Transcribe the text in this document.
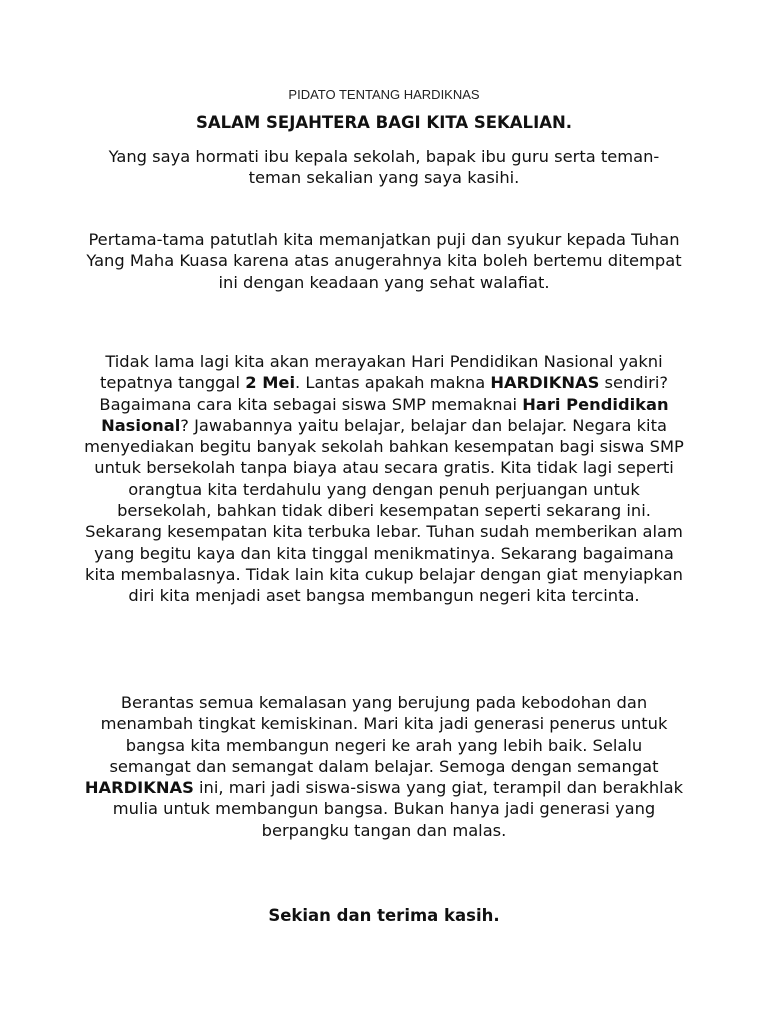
PIDATO TENTANG HARDIKNAS
SALAM SEJAHTERA BAGI KITA SEKALIAN.
Yang saya hormati ibu kepala sekolah, bapak ibu guru serta teman-teman sekalian yang saya kasihi.
Pertama-tama patutlah kita memanjatkan puji dan syukur kepada Tuhan Yang Maha Kuasa karena atas anugerahnya kita boleh bertemu ditempat ini dengan keadaan yang sehat walafiat.
Tidak lama lagi kita akan merayakan Hari Pendidikan Nasional yakni tepatnya tanggal 2 Mei. Lantas apakah makna HARDIKNAS sendiri? Bagaimana cara kita sebagai siswa SMP memaknai Hari Pendidikan Nasional? Jawabannya yaitu belajar, belajar dan belajar. Negara kita menyediakan begitu banyak sekolah bahkan kesempatan bagi siswa SMP untuk bersekolah tanpa biaya atau secara gratis. Kita tidak lagi seperti orangtua kita terdahulu yang dengan penuh perjuangan untuk bersekolah, bahkan tidak diberi kesempatan seperti sekarang ini. Sekarang kesempatan kita terbuka lebar. Tuhan sudah memberikan alam yang begitu kaya dan kita tinggal menikmatinya. Sekarang bagaimana kita membalasnya. Tidak lain kita cukup belajar dengan giat menyiapkan diri kita menjadi aset bangsa membangun negeri kita tercinta.
Berantas semua kemalasan yang berujung pada kebodohan dan menambah tingkat kemiskinan. Mari kita jadi generasi penerus untuk bangsa kita membangun negeri ke arah yang lebih baik. Selalu semangat dan semangat dalam belajar. Semoga dengan semangat HARDIKNAS ini, mari jadi siswa-siswa yang giat, terampil dan berakhlak mulia untuk membangun bangsa. Bukan hanya jadi generasi yang berpangku tangan dan malas.
Sekian dan terima kasih.
